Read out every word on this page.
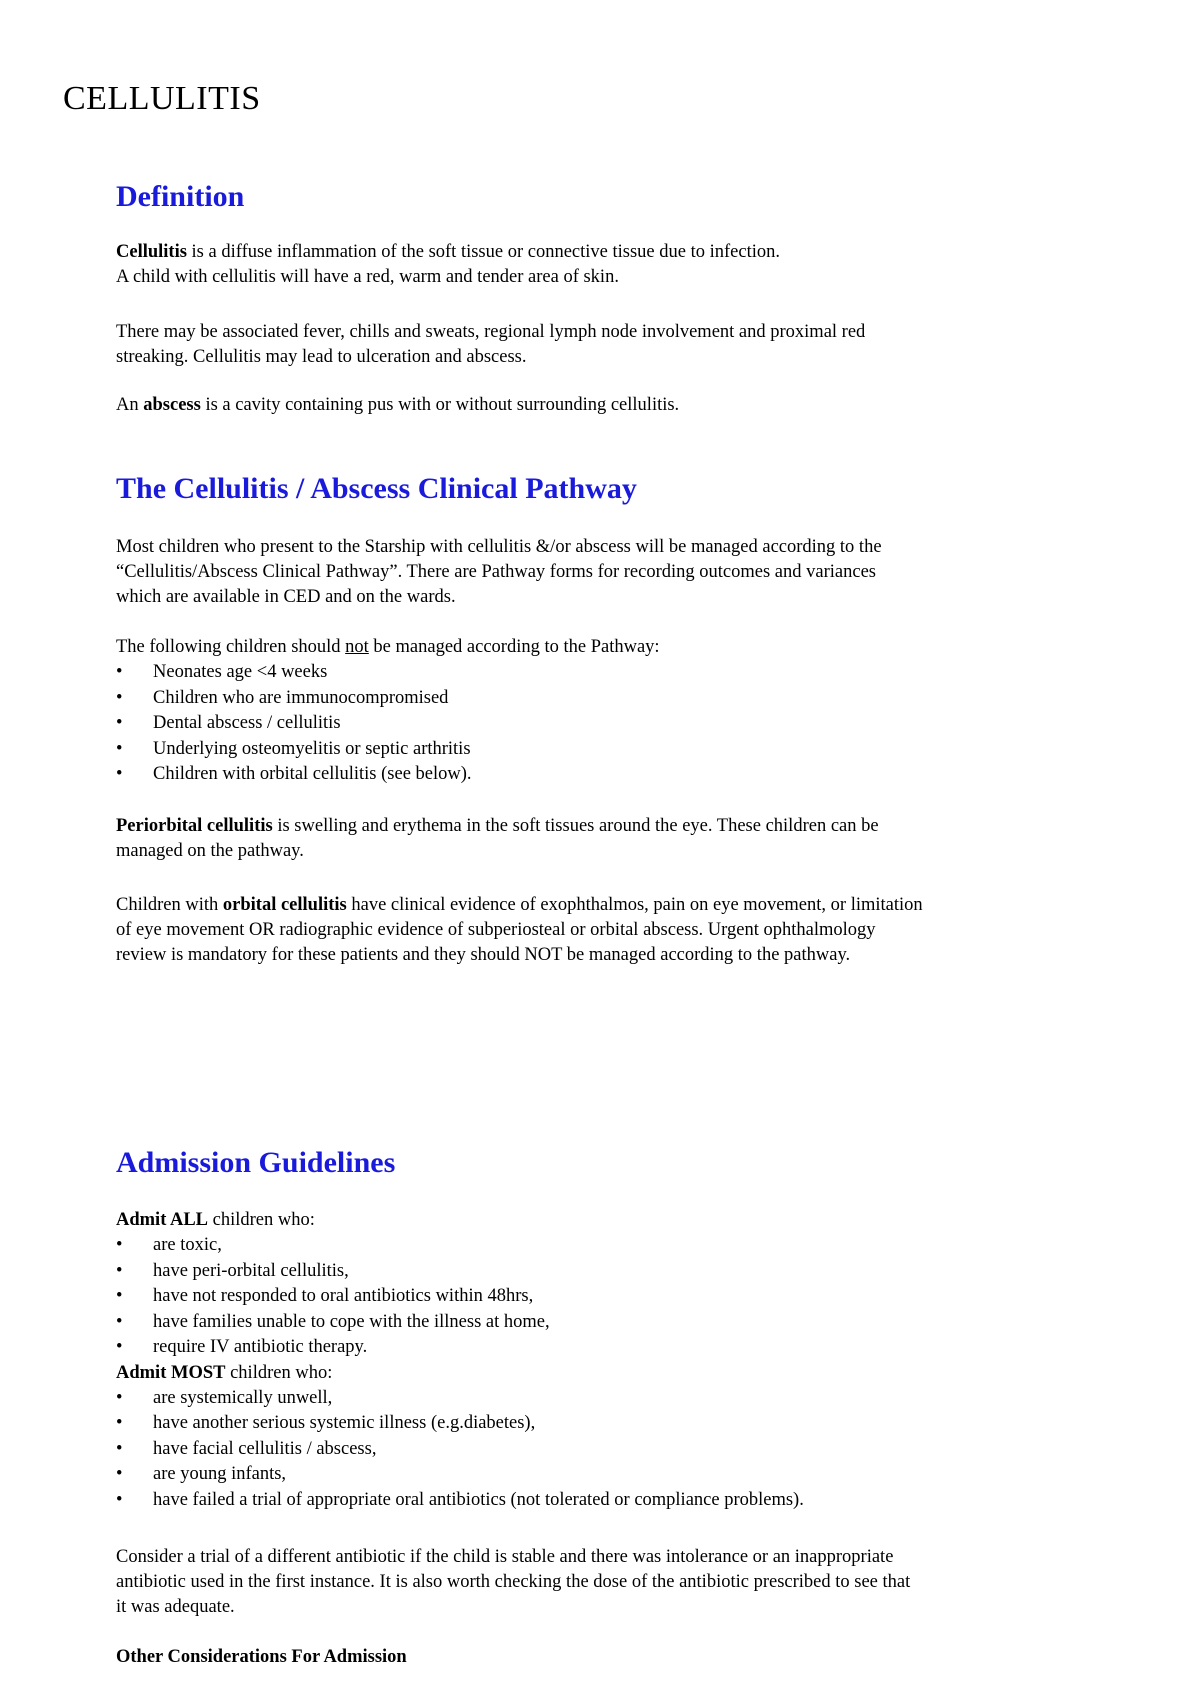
CELLULITIS
Definition
Cellulitis is a diffuse inflammation of the soft tissue or connective tissue due to infection.
A child with cellulitis will have a red, warm and tender area of skin.
There may be associated fever, chills and sweats, regional lymph node involvement and proximal red
streaking. Cellulitis may lead to ulceration and abscess.
An abscess is a cavity containing pus with or without surrounding cellulitis.
The Cellulitis / Abscess Clinical Pathway
Most children who present to the Starship with cellulitis &/or abscess will be managed according to the
“Cellulitis/Abscess Clinical Pathway”. There are Pathway forms for recording outcomes and variances
which are available in CED and on the wards.
The following children should not be managed according to the Pathway:
• Neonates age <4 weeks
• Children who are immunocompromised
• Dental abscess / cellulitis
• Underlying osteomyelitis or septic arthritis
• Children with orbital cellulitis (see below).
Periorbital cellulitis is swelling and erythema in the soft tissues around the eye. These children can be
managed on the pathway.
Children with orbital cellulitis have clinical evidence of exophthalmos, pain on eye movement, or limitation
of eye movement OR radiographic evidence of subperiosteal or orbital abscess. Urgent ophthalmology
review is mandatory for these patients and they should NOT be managed according to the pathway.
Admission Guidelines
Admit ALL children who:
• are toxic,
• have peri-orbital cellulitis,
• have not responded to oral antibiotics within 48hrs,
• have families unable to cope with the illness at home,
• require IV antibiotic therapy.
Admit MOST children who:
• are systemically unwell,
• have another serious systemic illness (e.g.diabetes),
• have facial cellulitis / abscess,
• are young infants,
• have failed a trial of appropriate oral antibiotics (not tolerated or compliance problems).
Consider a trial of a different antibiotic if the child is stable and there was intolerance or an inappropriate
antibiotic used in the first instance. It is also worth checking the dose of the antibiotic prescribed to see that
it was adequate.
Other Considerations For Admission
